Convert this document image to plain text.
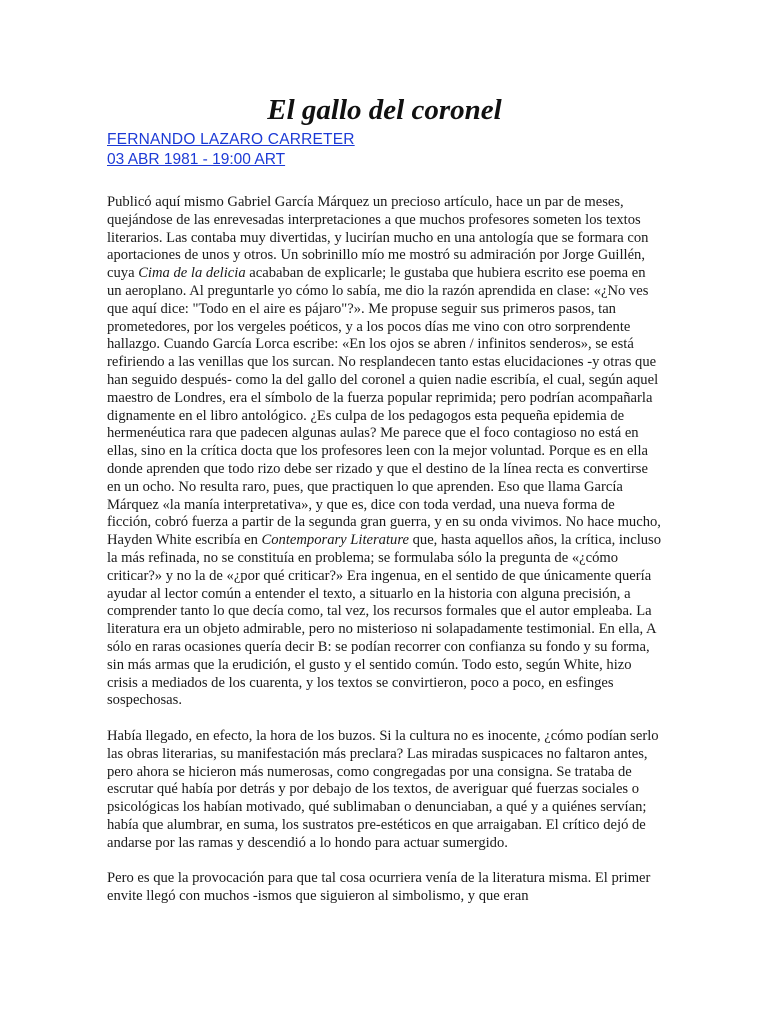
El gallo del coronel
FERNANDO LAZARO CARRETER
03 ABR 1981 - 19:00 ART

Publicó aquí mismo Gabriel García Márquez un precioso artículo, hace un par de meses, quejándose de las enrevesadas interpretaciones a que muchos profesores someten los textos literarios. Las contaba muy divertidas, y lucirían mucho en una antología que se formara con aportaciones de unos y otros. Un sobrinillo mío me mostró su admiración por Jorge Guillén, cuya Cima de la delicia acababan de explicarle; le gustaba que hubiera escrito ese poema en un aeroplano. Al preguntarle yo cómo lo sabía, me dio la razón aprendida en clase: «¿No ves que aquí dice: "Todo en el aire es pájaro"?». Me propuse seguir sus primeros pasos, tan prometedores, por los vergeles poéticos, y a los pocos días me vino con otro sorprendente hallazgo. Cuando García Lorca escribe: «En los ojos se abren / infinitos senderos», se está refiriendo a las venillas que los surcan. No resplandecen tanto estas elucidaciones -y otras que han seguido después- como la del gallo del coronel a quien nadie escribía, el cual, según aquel maestro de Londres, era el símbolo de la fuerza popular reprimida; pero podrían acompañarla dignamente en el libro antológico. ¿Es culpa de los pedagogos esta pequeña epidemia de hermenéutica rara que padecen algunas aulas? Me parece que el foco contagioso no está en ellas, sino en la crítica docta que los profesores leen con la mejor voluntad. Porque es en ella donde aprenden que todo rizo debe ser rizado y que el destino de la línea recta es convertirse en un ocho. No resulta raro, pues, que practiquen lo que aprenden. Eso que llama García Márquez «la manía interpretativa», y que es, dice con toda verdad, una nueva forma de ficción, cobró fuerza a partir de la segunda gran guerra, y en su onda vivimos. No hace mucho, Hayden White escribía en Contemporary Literature que, hasta aquellos años, la crítica, incluso la más refinada, no se constituía en problema; se formulaba sólo la pregunta de «¿cómo criticar?» y no la de «¿por qué criticar?» Era ingenua, en el sentido de que únicamente quería ayudar al lector común a entender el texto, a situarlo en la historia con alguna precisión, a comprender tanto lo que decía como, tal vez, los recursos formales que el autor empleaba. La literatura era un objeto admirable, pero no misterioso ni solapadamente testimonial. En ella, A sólo en raras ocasiones quería decir B: se podían recorrer con confianza su fondo y su forma, sin más armas que la erudición, el gusto y el sentido común. Todo esto, según White, hizo crisis a mediados de los cuarenta, y los textos se convirtieron, poco a poco, en esfinges sospechosas.

Había llegado, en efecto, la hora de los buzos. Si la cultura no es inocente, ¿cómo podían serlo las obras literarias, su manifestación más preclara? Las miradas suspicaces no faltaron antes, pero ahora se hicieron más numerosas, como congregadas por una consigna. Se trataba de escrutar qué había por detrás y por debajo de los textos, de averiguar qué fuerzas sociales o psicológicas los habían motivado, qué sublimaban o denunciaban, a qué y a quiénes servían; había que alumbrar, en suma, los sustratos pre-estéticos en que arraigaban. El crítico dejó de andarse por las ramas y descendió a lo hondo para actuar sumergido.

Pero es que la provocación para que tal cosa ocurriera venía de la literatura misma. El primer envite llegó con muchos -ismos que siguieron al simbolismo, y que eran
